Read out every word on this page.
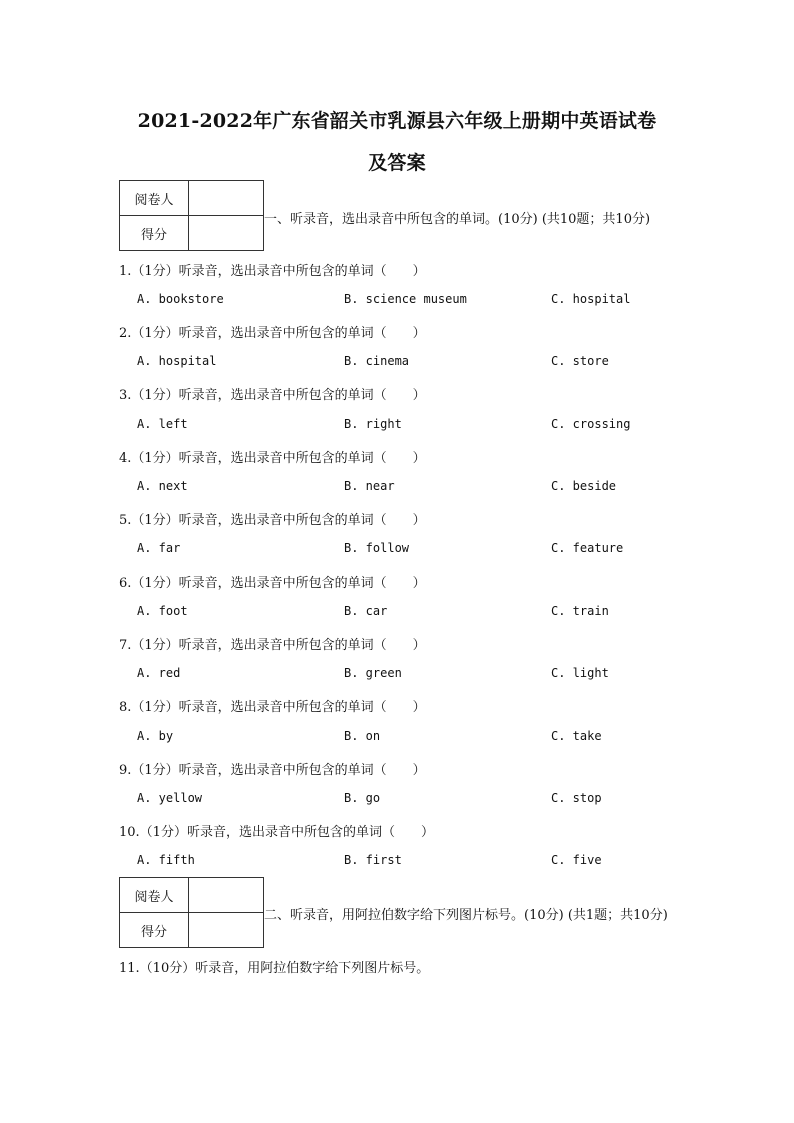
2021-2022年广东省韶关市乳源县六年级上册期中英语试卷
及答案
阅卷人	
得分	
一、听录音，选出录音中所包含的单词。(10分) (共10题；共10分)
1.（1分）听录音，选出录音中所包含的单词（　　）
A. bookstore	B. science museum	C. hospital
2.（1分）听录音，选出录音中所包含的单词（　　）
A. hospital	B. cinema	C. store
3.（1分）听录音，选出录音中所包含的单词（　　）
A. left	B. right	C. crossing
4.（1分）听录音，选出录音中所包含的单词（　　）
A. next	B. near	C. beside
5.（1分）听录音，选出录音中所包含的单词（　　）
A. far	B. follow	C. feature
6.（1分）听录音，选出录音中所包含的单词（　　）
A. foot	B. car	C. train
7.（1分）听录音，选出录音中所包含的单词（　　）
A. red	B. green	C. light
8.（1分）听录音，选出录音中所包含的单词（　　）
A. by	B. on	C. take
9.（1分）听录音，选出录音中所包含的单词（　　）
A. yellow	B. go	C. stop
10.（1分）听录音，选出录音中所包含的单词（　　）
A. fifth	B. first	C. five
阅卷人	
得分	
二、听录音，用阿拉伯数字给下列图片标号。(10分) (共1题；共10分)
11.（10分）听录音，用阿拉伯数字给下列图片标号。
